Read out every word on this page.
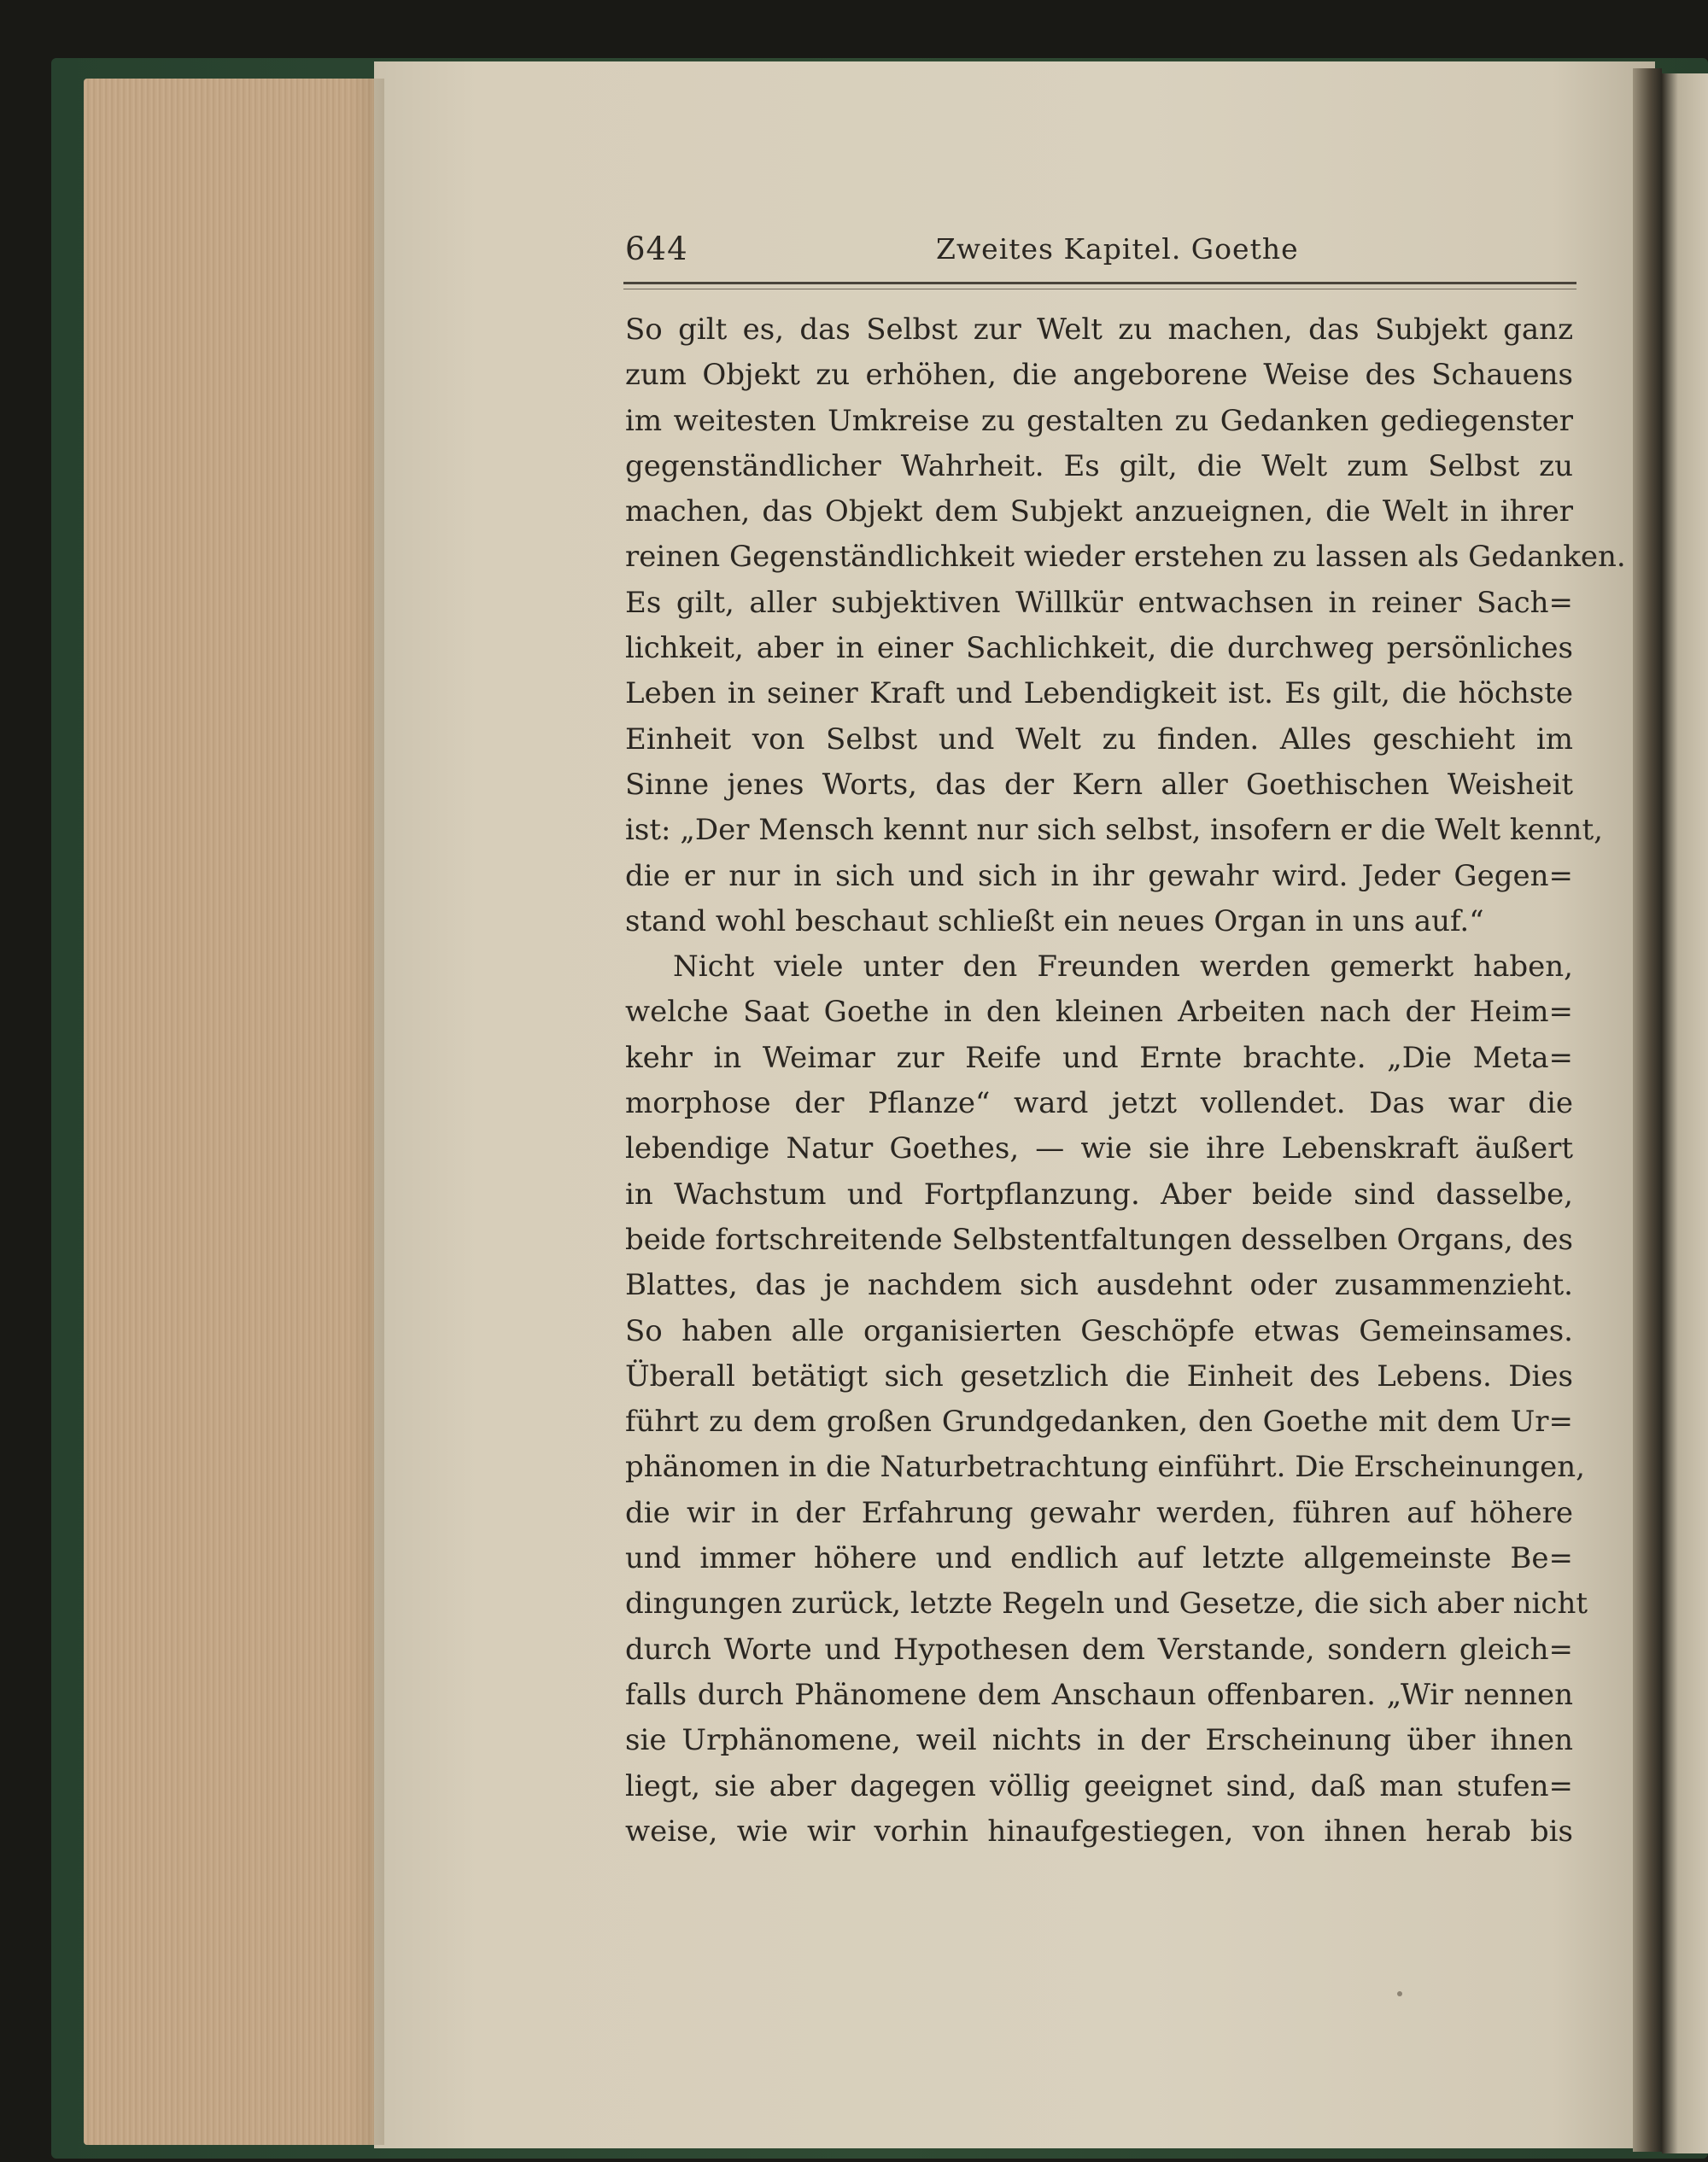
644	Zweites Kapitel. Goethe
So gilt es, das Selbst zur Welt zu machen, das Subjekt ganz
zum Objekt zu erhöhen, die angeborene Weise des Schauens
im weitesten Umkreise zu gestalten zu Gedanken gediegenster
gegenständlicher Wahrheit. Es gilt, die Welt zum Selbst zu
machen, das Objekt dem Subjekt anzueignen, die Welt in ihrer
reinen Gegenständlichkeit wieder erstehen zu lassen als Gedanken.
Es gilt, aller subjektiven Willkür entwachsen in reiner Sach=
lichkeit, aber in einer Sachlichkeit, die durchweg persönliches
Leben in seiner Kraft und Lebendigkeit ist. Es gilt, die höchste
Einheit von Selbst und Welt zu finden. Alles geschieht im
Sinne jenes Worts, das der Kern aller Goethischen Weisheit
ist: „Der Mensch kennt nur sich selbst, insofern er die Welt kennt,
die er nur in sich und sich in ihr gewahr wird. Jeder Gegen=
stand wohl beschaut schließt ein neues Organ in uns auf.“
Nicht viele unter den Freunden werden gemerkt haben,
welche Saat Goethe in den kleinen Arbeiten nach der Heim=
kehr in Weimar zur Reife und Ernte brachte. „Die Meta=
morphose der Pflanze“ ward jetzt vollendet. Das war die
lebendige Natur Goethes, — wie sie ihre Lebenskraft äußert
in Wachstum und Fortpflanzung. Aber beide sind dasselbe,
beide fortschreitende Selbstentfaltungen desselben Organs, des
Blattes, das je nachdem sich ausdehnt oder zusammenzieht.
So haben alle organisierten Geschöpfe etwas Gemeinsames.
Überall betätigt sich gesetzlich die Einheit des Lebens. Dies
führt zu dem großen Grundgedanken, den Goethe mit dem Ur=
phänomen in die Naturbetrachtung einführt. Die Erscheinungen,
die wir in der Erfahrung gewahr werden, führen auf höhere
und immer höhere und endlich auf letzte allgemeinste Be=
dingungen zurück, letzte Regeln und Gesetze, die sich aber nicht
durch Worte und Hypothesen dem Verstande, sondern gleich=
falls durch Phänomene dem Anschaun offenbaren. „Wir nennen
sie Urphänomene, weil nichts in der Erscheinung über ihnen
liegt, sie aber dagegen völlig geeignet sind, daß man stufen=
weise, wie wir vorhin hinaufgestiegen, von ihnen herab bis
